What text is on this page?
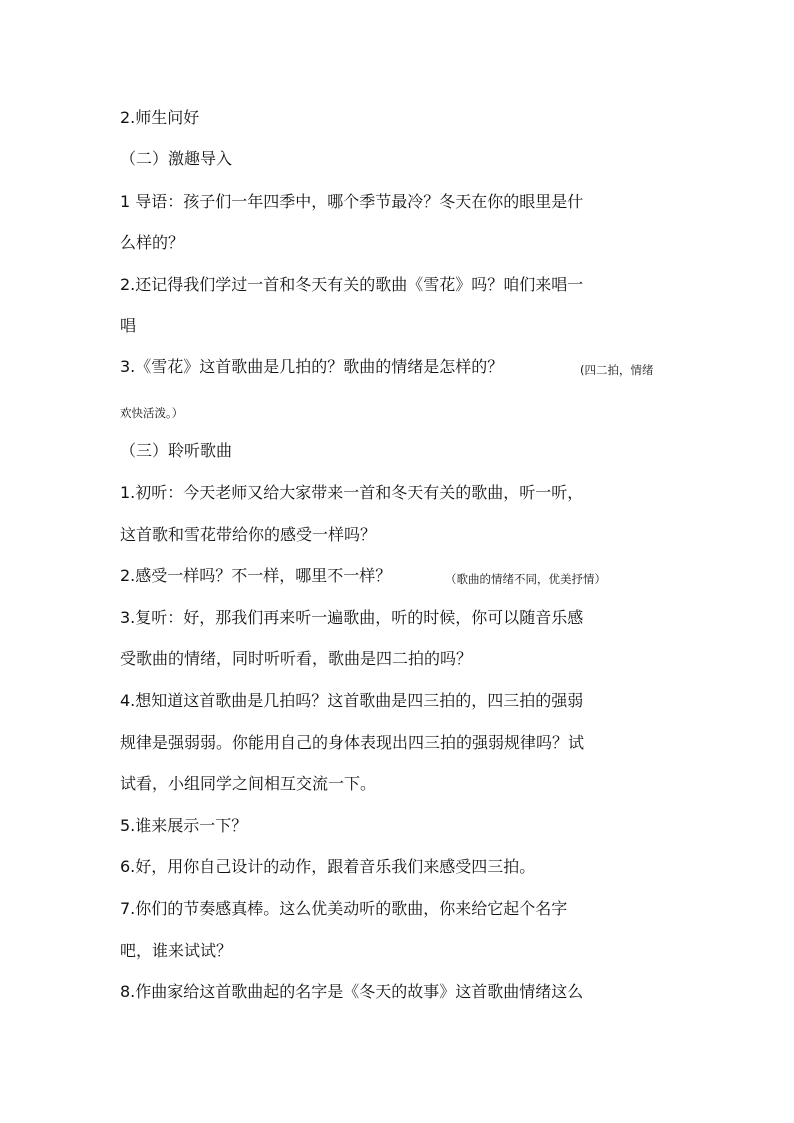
2.师生问好
（二）激趣导入
1 导语：孩子们一年四季中，哪个季节最冷？冬天在你的眼里是什
么样的？
2.还记得我们学过一首和冬天有关的歌曲《雪花》吗？咱们来唱一
唱
3.《雪花》这首歌曲是几拍的？歌曲的情绪是怎样的？	(四二拍，情绪
欢快活泼。）
（三）聆听歌曲
1.初听：今天老师又给大家带来一首和冬天有关的歌曲，听一听，
这首歌和雪花带给你的感受一样吗？
2.感受一样吗？不一样，哪里不一样？	（歌曲的情绪不同，优美抒情）
3.复听：好，那我们再来听一遍歌曲，听的时候，你可以随音乐感
受歌曲的情绪，同时听听看，歌曲是四二拍的吗？
4.想知道这首歌曲是几拍吗？这首歌曲是四三拍的，四三拍的强弱
规律是强弱弱。你能用自己的身体表现出四三拍的强弱规律吗？试
试看，小组同学之间相互交流一下。
5.谁来展示一下？
6.好，用你自己设计的动作，跟着音乐我们来感受四三拍。
7.你们的节奏感真棒。这么优美动听的歌曲，你来给它起个名字
吧，谁来试试？
8.作曲家给这首歌曲起的名字是《冬天的故事》这首歌曲情绪这么
